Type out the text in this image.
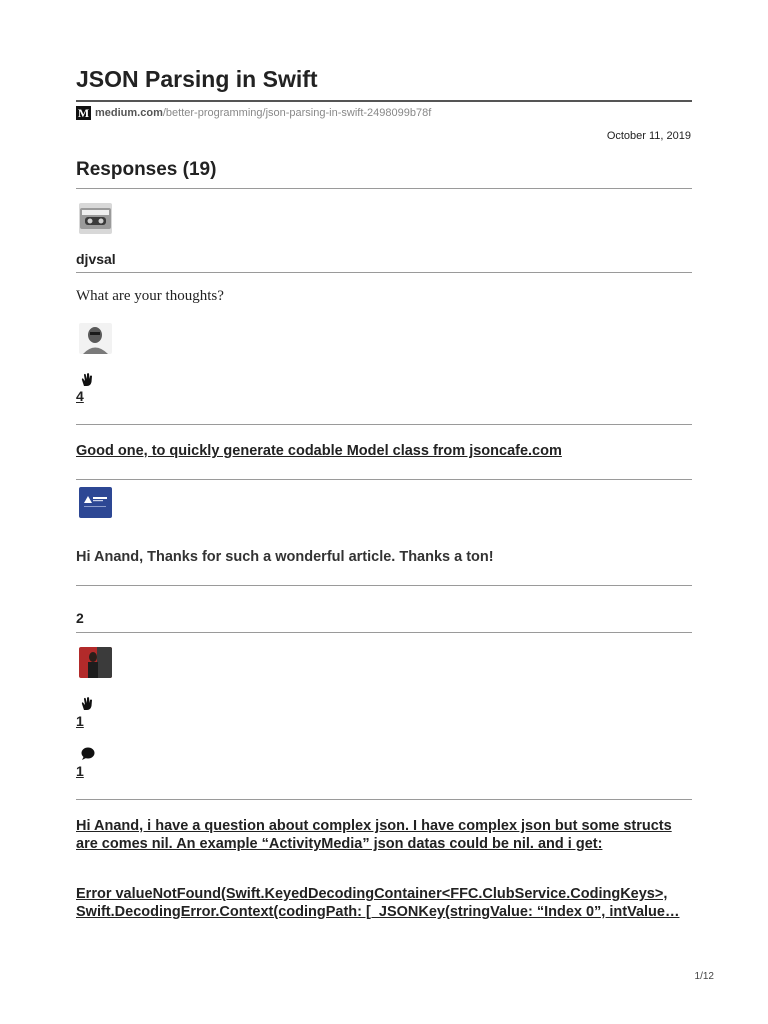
JSON Parsing in Swift
M medium.com/better-programming/json-parsing-in-swift-2498099b78f
October 11, 2019
Responses (19)
djvsal
What are your thoughts?
4
Good one, to quickly generate codable Model class from jsoncafe.com
Hi Anand, Thanks for such a wonderful article. Thanks a ton!
2
1
1
Hi Anand, i have a question about complex json. I have complex json but some structs are comes nil. An example “ActivityMedia” json datas could be nil. and i get:
Error valueNotFound(Swift.KeyedDecodingContainer<FFC.ClubService.CodingKeys>, Swift.DecodingError.Context(codingPath: [_JSONKey(stringValue: “Index 0”, intValue…
1/12
